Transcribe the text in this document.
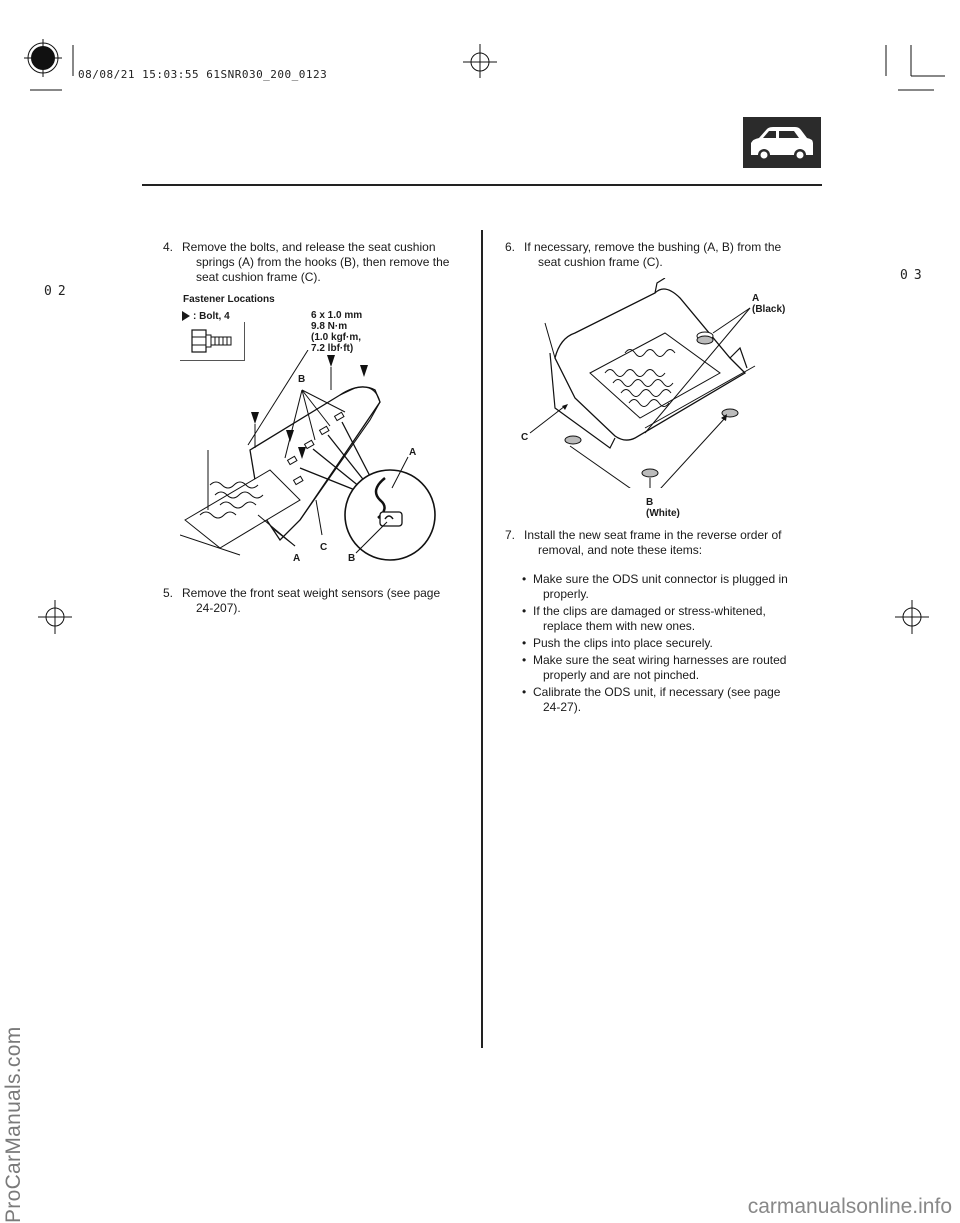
08/08/21 15:03:55 61SNR030_200_0123
02
03
4. Remove the bolts, and release the seat cushion
springs (A) from the hooks (B), then remove the
seat cushion frame (C).
Fastener Locations
: Bolt, 4	6 x 1.0 mm
9.8 N·m
(1.0 kgf·m,
7.2 lbf·ft)
B
A
A
C
B
5. Remove the front seat weight sensors (see page
24-207).
6. If necessary, remove the bushing (A, B) from the
seat cushion frame (C).
A
(Black)
C
B
(White)
7. Install the new seat frame in the reverse order of
removal, and note these items:
• Make sure the ODS unit connector is plugged in
properly.
• If the clips are damaged or stress-whitened,
replace them with new ones.
• Push the clips into place securely.
• Make sure the seat wiring harnesses are routed
properly and are not pinched.
• Calibrate the ODS unit, if necessary (see page
24-27).
ProCarManuals.com	carmanualsonline.info
